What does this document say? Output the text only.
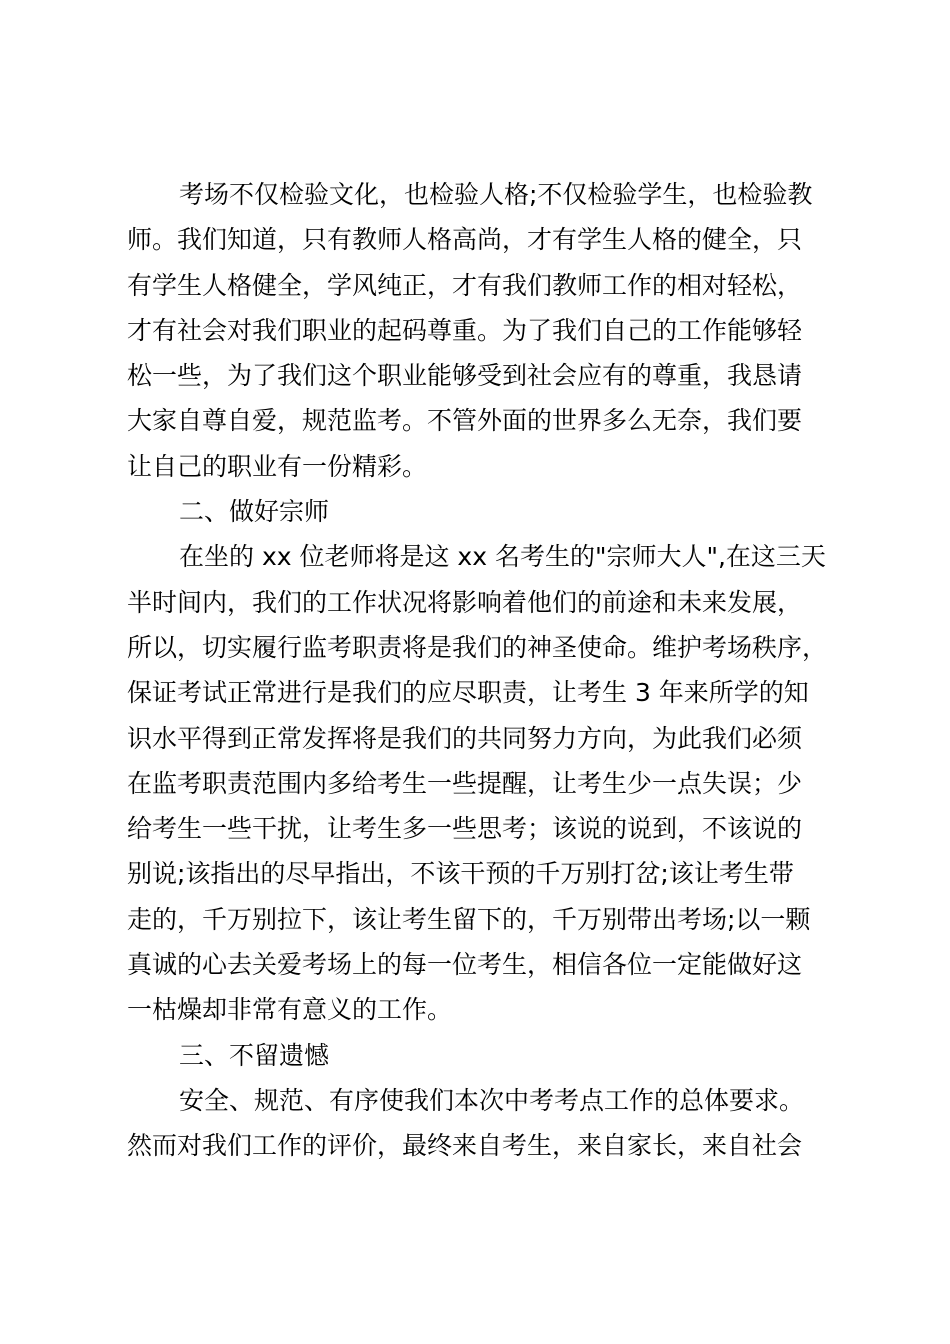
考场不仅检验文化，也检验人格;不仅检验学生，也检验教
师。我们知道，只有教师人格高尚，才有学生人格的健全，只
有学生人格健全，学风纯正，才有我们教师工作的相对轻松，
才有社会对我们职业的起码尊重。为了我们自己的工作能够轻
松一些，为了我们这个职业能够受到社会应有的尊重，我恳请
大家自尊自爱，规范监考。不管外面的世界多么无奈，我们要
让自己的职业有一份精彩。
二、做好宗师
在坐的 xx 位老师将是这 xx 名考生的"宗师大人",在这三天
半时间内，我们的工作状况将影响着他们的前途和未来发展，
所以，切实履行监考职责将是我们的神圣使命。维护考场秩序，
保证考试正常进行是我们的应尽职责，让考生 3 年来所学的知
识水平得到正常发挥将是我们的共同努力方向，为此我们必须
在监考职责范围内多给考生一些提醒，让考生少一点失误；少
给考生一些干扰，让考生多一些思考；该说的说到，不该说的
别说;该指出的尽早指出，不该干预的千万别打岔;该让考生带
走的，千万别拉下，该让考生留下的，千万别带出考场;以一颗
真诚的心去关爱考场上的每一位考生，相信各位一定能做好这
一枯燥却非常有意义的工作。
三、不留遗憾
安全、规范、有序使我们本次中考考点工作的总体要求。
然而对我们工作的评价，最终来自考生，来自家长，来自社会
